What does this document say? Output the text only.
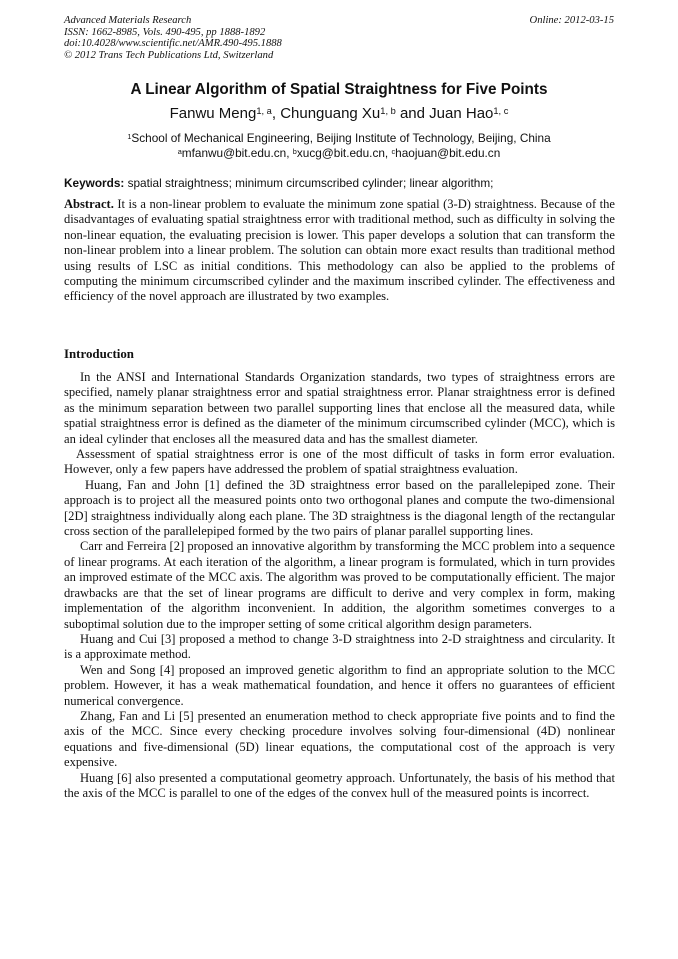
Advanced Materials Research
ISSN: 1662-8985, Vols. 490-495, pp 1888-1892
doi:10.4028/www.scientific.net/AMR.490-495.1888
© 2012 Trans Tech Publications Ltd, Switzerland
Online: 2012-03-15
A Linear Algorithm of Spatial Straightness for Five Points
Fanwu Meng$^{1, a}$, Chunguang Xu$^{1, b}$ and Juan Hao$^{1, c}$
$^1$School of Mechanical Engineering, Beijing Institute of Technology, Beijing, China
$^a$mfanwu@bit.edu.cn, $^b$xucg@bit.edu.cn, $^c$haojuan@bit.edu.cn
Keywords: spatial straightness; minimum circumscribed cylinder; linear algorithm;

Abstract. It is a non-linear problem to evaluate the minimum zone spatial (3-D) straightness. Because of the disadvantages of evaluating spatial straightness error with traditional method, such as difficulty in solving the non-linear equation, the evaluating precision is lower. This paper develops a solution that can transform the non-linear problem into a linear problem. The solution can obtain more exact results than traditional method using results of LSC as initial conditions. This methodology can also be applied to the problems of computing the minimum circumscribed cylinder and the maximum inscribed cylinder. The effectiveness and efficiency of the novel approach are illustrated by two examples.

Introduction

In the ANSI and International Standards Organization standards, two types of straightness errors are specified, namely planar straightness error and spatial straightness error. Planar straightness error is defined as the minimum separation between two parallel supporting lines that enclose all the measured data, while spatial straightness error is defined as the diameter of the minimum circumscribed cylinder (MCC), which is an ideal cylinder that encloses all the measured data and has the smallest diameter.

Assessment of spatial straightness error is one of the most difficult of tasks in form error evaluation. However, only a few papers have addressed the problem of spatial straightness evaluation.

Huang, Fan and John [1] defined the 3D straightness error based on the parallelepiped zone. Their approach is to project all the measured points onto two orthogonal planes and compute the two-dimensional [2D] straightness individually along each plane. The 3D straightness is the diagonal length of the rectangular cross section of the parallelepiped formed by the two pairs of planar parallel supporting lines.

Carr and Ferreira [2] proposed an innovative algorithm by transforming the MCC problem into a sequence of linear programs. At each iteration of the algorithm, a linear program is formulated, which in turn provides an improved estimate of the MCC axis. The algorithm was proved to be computationally efficient. The major drawbacks are that the set of linear programs are difficult to derive and very complex in form, making implementation of the algorithm inconvenient. In addition, the algorithm sometimes converges to a suboptimal solution due to the improper setting of some critical algorithm design parameters.

Huang and Cui [3] proposed a method to change 3-D straightness into 2-D straightness and circularity. It is a approximate method.

Wen and Song [4] proposed an improved genetic algorithm to find an appropriate solution to the MCC problem. However, it has a weak mathematical foundation, and hence it offers no guarantees of efficient numerical convergence.

Zhang, Fan and Li [5] presented an enumeration method to check appropriate five points and to find the axis of the MCC. Since every checking procedure involves solving four-dimensional (4D) nonlinear equations and five-dimensional (5D) linear equations, the computational cost of the approach is very expensive.

Huang [6] also presented a computational geometry approach. Unfortunately, the basis of his method that the axis of the MCC is parallel to one of the edges of the convex hull of the measured points is incorrect.
